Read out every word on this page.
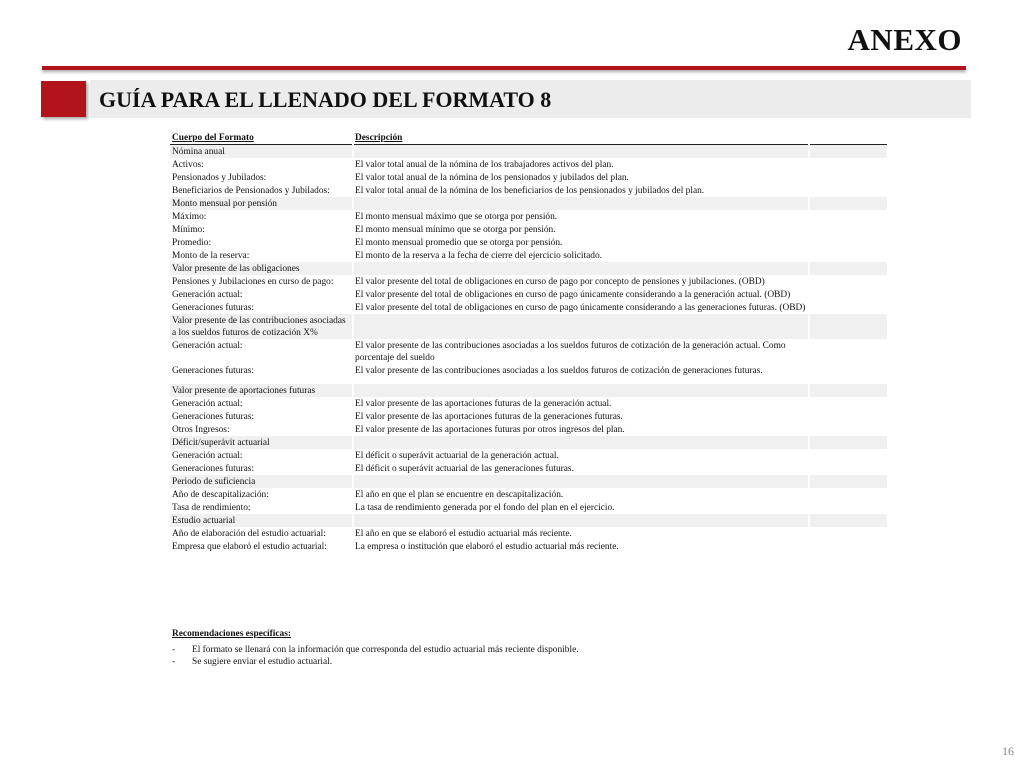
ANEXO
GUÍA PARA EL LLENADO DEL FORMATO 8
Cuerpo del Formato	Descripción	
Nómina anual		
Activos:	El valor total anual de la nómina de los trabajadores activos del plan.	
Pensionados y Jubilados:	El valor total anual de la nómina de los pensionados y jubilados del plan.	
Beneficiarios de Pensionados y Jubilados:	El valor total anual de la nómina de los beneficiarios de los pensionados y jubilados del plan.	
Monto mensual por pensión		
Máximo:	El monto mensual máximo que se otorga por pensión.	
Mínimo:	El monto mensual mínimo que se otorga por pensión.	
Promedio:	El monto mensual promedio que se otorga por pensión.	
Monto de la reserva:	El monto de la reserva a la fecha de cierre del ejercicio solicitado.	
Valor presente de las obligaciones		
Pensiones y Jubilaciones en curso de pago:	El valor presente del total de obligaciones en curso de pago por concepto de pensiones y jubilaciones. (OBD)	
Generación actual:	El valor presente del total de obligaciones en curso de pago únicamente considerando a la generación actual. (OBD)	
Generaciones futuras:	El valor presente del total de obligaciones en curso de pago únicamente considerando a las generaciones futuras. (OBD)	
Valor presente de las contribuciones asociadas a los sueldos futuros de cotización X%		
Generación actual:	El valor presente de las contribuciones asociadas a los sueldos futuros de cotización de la generación actual. Como porcentaje del sueldo	
Generaciones futuras:	El valor presente de las contribuciones asociadas a los sueldos futuros de cotización de generaciones futuras.	

Valor presente de aportaciones futuras		
Generación actual:	El valor presente de las aportaciones futuras de la generación actual.	
Generaciones futuras:	El valor presente de las aportaciones futuras de la generaciones futuras.	
Otros Ingresos:	El valor presente de las aportaciones futuras por otros ingresos del plan.	
Déficit/superávit actuarial		
Generación actual:	El déficit o superávit actuarial de la generación actual.	
Generaciones futuras:	El déficit o superávit actuarial de las generaciones futuras.	
Periodo de suficiencia		
Año de descapitalización:	El año en que el plan se encuentre en descapitalización.	
Tasa de rendimiento:	La tasa de rendimiento generada por el fondo del plan en el ejercicio.	
Estudio actuarial		
Año de elaboración del estudio actuarial:	El año en que se elaboró el estudio actuarial más reciente.	
Empresa que elaboró el estudio actuarial:	La empresa o institución que elaboró el estudio actuarial más reciente.	
Recomendaciones específicas:
- El formato se llenará con la información que corresponda del estudio actuarial más reciente disponible.
- Se sugiere enviar el estudio actuarial.
16
